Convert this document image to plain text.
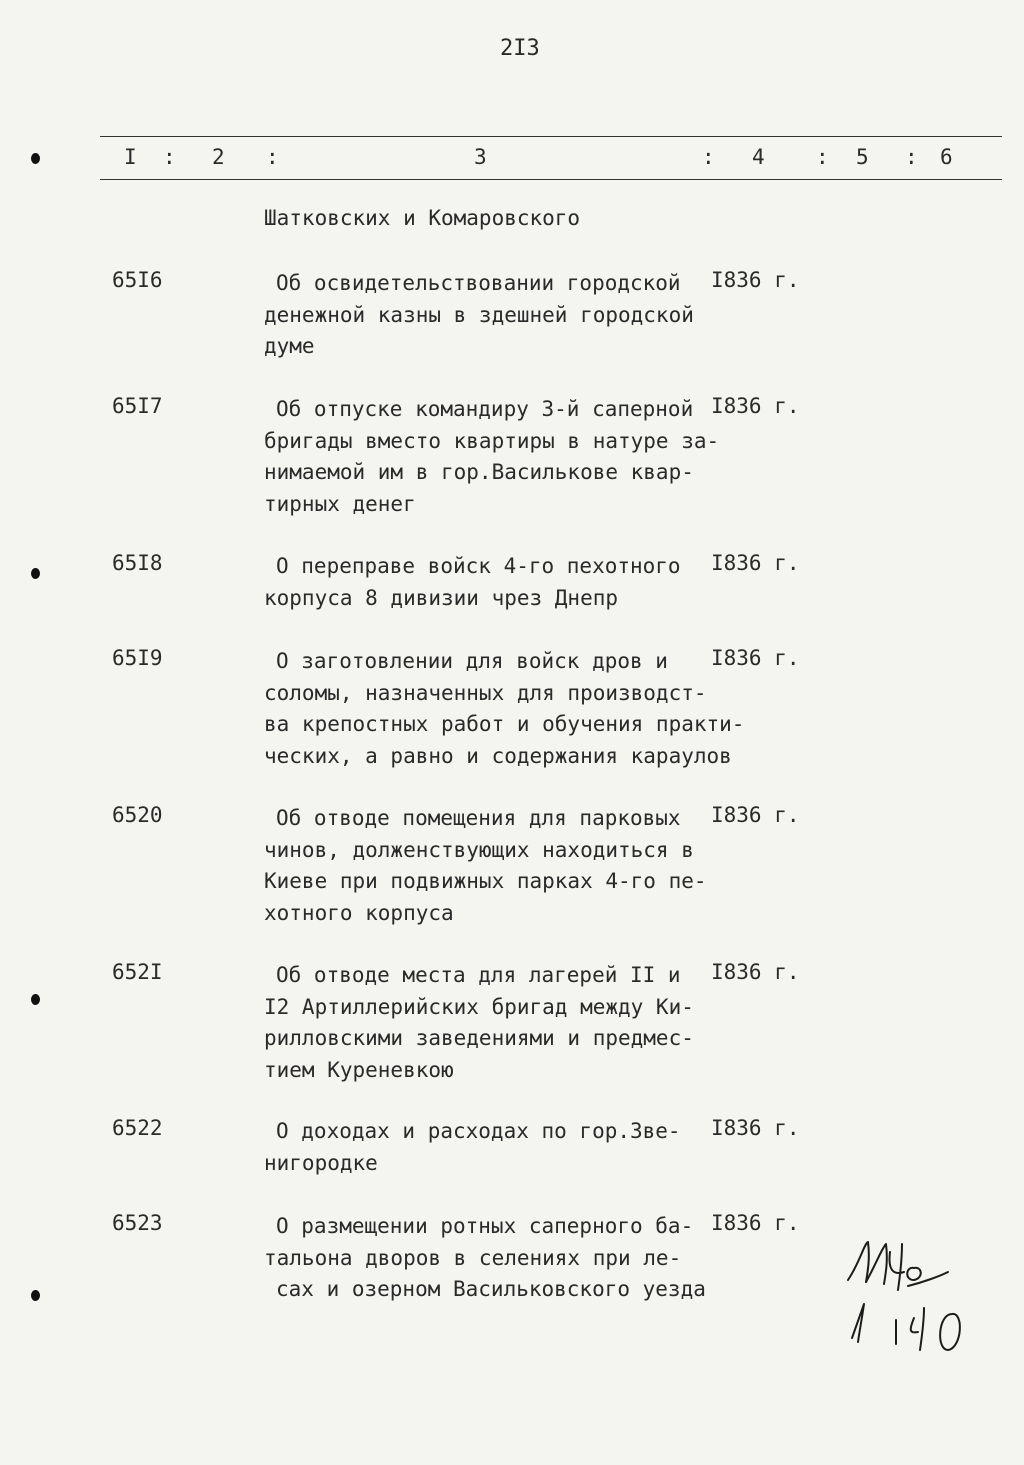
2I3
I : 2 :	3	: 4 : 5 : 6
Шатковских и Комаровского
65I6	Об освидетельствовании городской
денежной казны в здешней городской
думе
I836 г.
65I7	Об отпуске командиру 3-й саперной
бригады вместо квартиры в натуре за-
нимаемой им в гор.Василькове квар-
тирных денег
I836 г.
65I8	О переправе войск 4-го пехотного
корпуса 8 дивизии чрез Днепр
I836 г.
65I9	О заготовлении для войск дров и
соломы, назначенных для производст-
ва крепостных работ и обучения практи-
ческих, а равно и содержания караулов
I836 г.
6520	Об отводе помещения для парковых
чинов, долженствующих находиться в
Киеве при подвижных парках 4-го пе-
хотного корпуса
I836 г.
652I	Об отводе места для лагерей II и
I2 Артиллерийских бригад между Ки-
рилловскими заведениями и предмес-
тием Куреневкою
I836 г.
6522	О доходах и расходах по гор.Зве-
нигородке
I836 г.
6523	О размещении ротных саперного ба-
тальона дворов в селениях при ле-
сах и озерном Васильковского уезда
I836 г.
